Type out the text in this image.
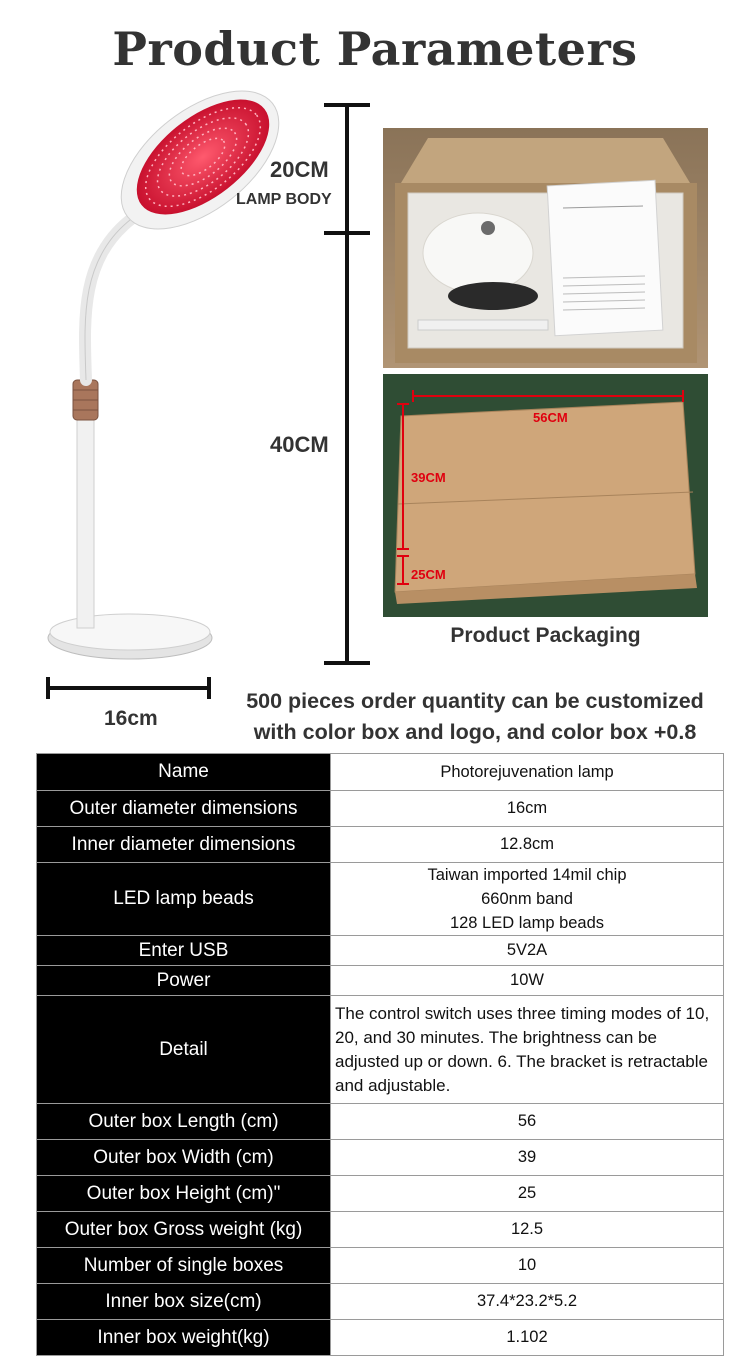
Product Parameters
20CM
LAMP BODY
40CM
16cm
56CM
39CM
25CM
Product Packaging
500 pieces order quantity can be customized with color box and logo, and color box +0.8
Name	Photorejuvenation lamp
Outer diameter dimensions	16cm
Inner diameter dimensions	12.8cm
LED lamp beads	Taiwan imported 14mil chip
660nm band
128 LED lamp beads

Enter USB	5V2A
Power	10W
Detail	The control switch uses three timing modes of 10, 20, and 30 minutes. The brightness can be adjusted up or down. 6. The bracket is retractable and adjustable.
Outer box Length (cm)	56
Outer box Width (cm)	39
Outer box Height (cm)"	25
Outer box Gross weight (kg)	12.5
Number of single boxes	10
Inner box size(cm)	37.4*23.2*5.2
Inner box weight(kg)	1.102
